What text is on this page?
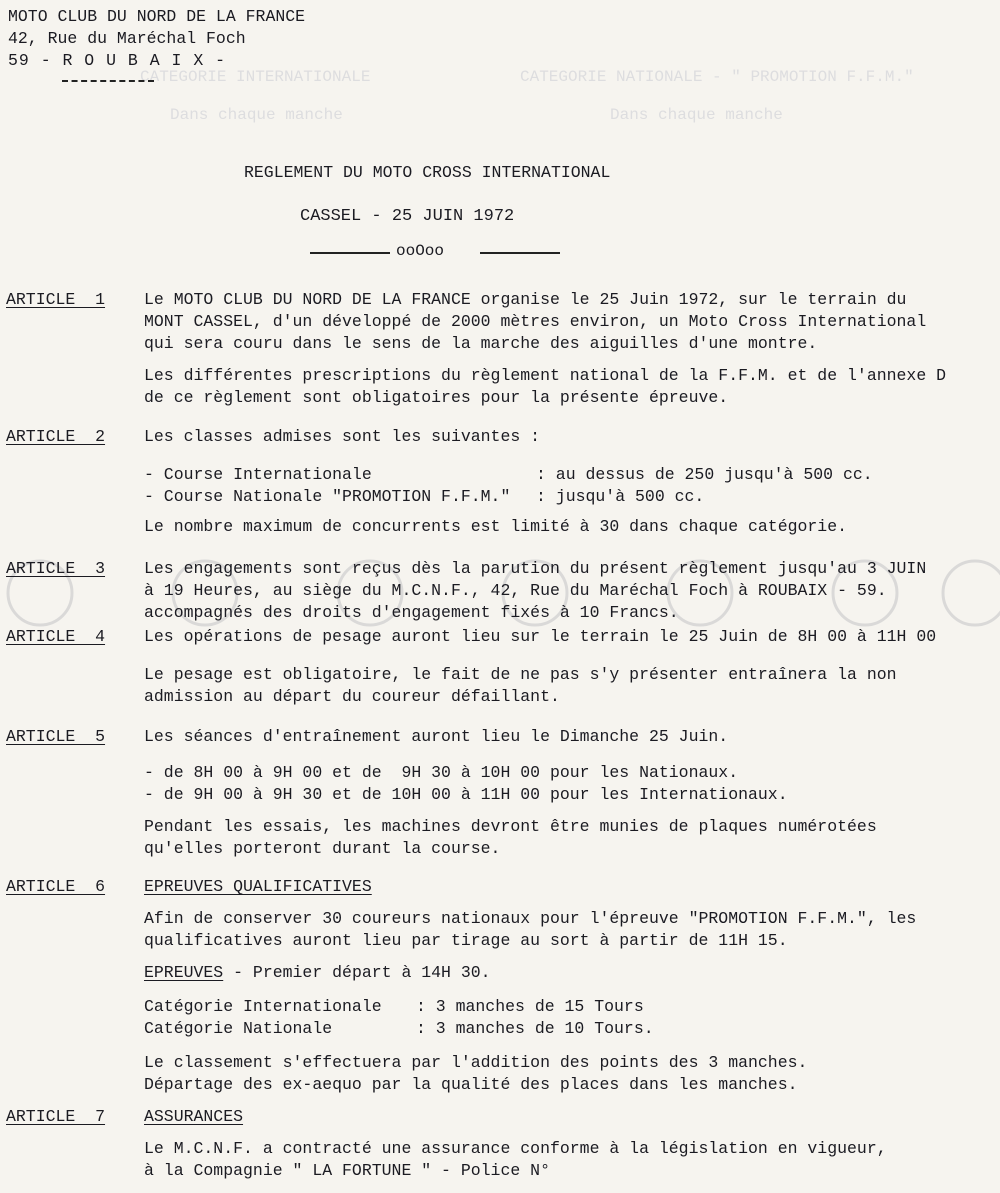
CATEGORIE INTERNATIONALE	CATEGORIE NATIONALE - " PROMOTION F.F.M."
Dans chaque manche	Dans chaque manche
MOTO CLUB DU NORD DE LA FRANCE
42, Rue du Maréchal Foch
59 - R O U B A I X -
REGLEMENT DU MOTO CROSS INTERNATIONAL
CASSEL - 25 JUIN 1972
ooOoo
ARTICLE  1 Le MOTO CLUB DU NORD DE LA FRANCE organise le 25 Juin 1972, sur le terrain du
MONT CASSEL, d'un développé de 2000 mètres environ, un Moto Cross International
qui sera couru dans le sens de la marche des aiguilles d'une montre.
Les différentes prescriptions du règlement national de la F.F.M. et de l'annexe D
de ce règlement sont obligatoires pour la présente épreuve.
ARTICLE  2 Les classes admises sont les suivantes :
- Course Internationale	: au dessus de 250 jusqu'à 500 cc.
- Course Nationale "PROMOTION F.F.M." : jusqu'à 500 cc.
Le nombre maximum de concurrents est limité à 30 dans chaque catégorie.
ARTICLE  3 Les engagements sont reçus dès la parution du présent règlement jusqu'au 3 JUIN
à 19 Heures, au siège du M.C.N.F., 42, Rue du Maréchal Foch à ROUBAIX - 59.
accompagnés des droits d'engagement fixés à 10 Francs.
ARTICLE  4 Les opérations de pesage auront lieu sur le terrain le 25 Juin de 8H 00 à 11H 00
Le pesage est obligatoire, le fait de ne pas s'y présenter entraînera la non
admission au départ du coureur défaillant.
ARTICLE  5 Les séances d'entraînement auront lieu le Dimanche 25 Juin.
- de 8H 00 à 9H 00 et de  9H 30 à 10H 00 pour les Nationaux.
- de 9H 00 à 9H 30 et de 10H 00 à 11H 00 pour les Internationaux.
Pendant les essais, les machines devront être munies de plaques numérotées
qu'elles porteront durant la course.
ARTICLE  6 EPREUVES QUALIFICATIVES
Afin de conserver 30 coureurs nationaux pour l'épreuve "PROMOTION F.F.M.", les
qualificatives auront lieu par tirage au sort à partir de 11H 15.
EPREUVES - Premier départ à 14H 30.
Catégorie Internationale : 3 manches de 15 Tours
Catégorie Nationale	: 3 manches de 10 Tours.
Le classement s'effectuera par l'addition des points des 3 manches.
Départage des ex-aequo par la qualité des places dans les manches.
ARTICLE  7 ASSURANCES
Le M.C.N.F. a contracté une assurance conforme à la législation en vigueur,
à la Compagnie " LA FORTUNE " - Police N°
